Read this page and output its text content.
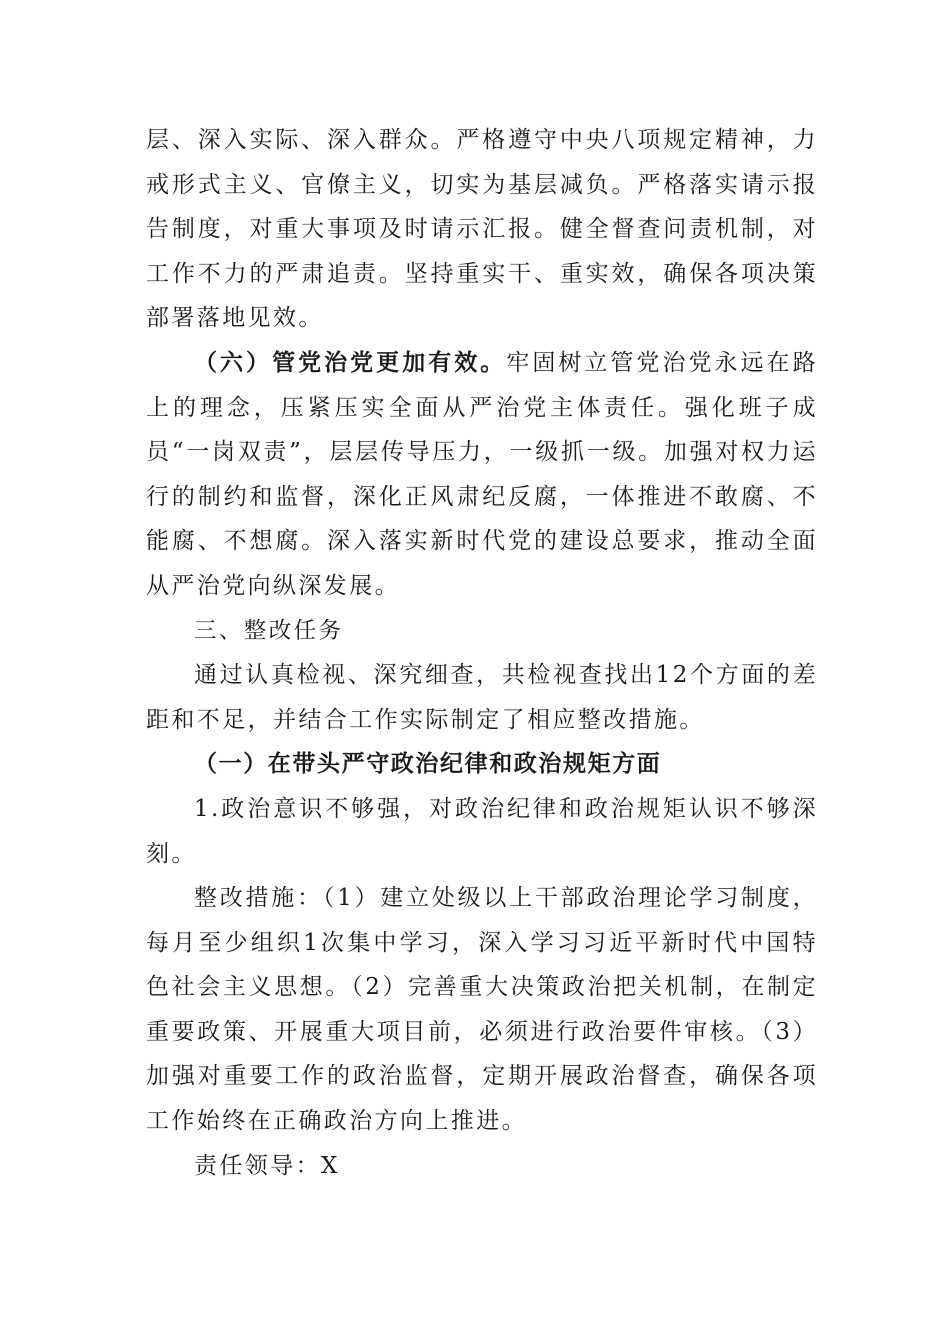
层、深入实际、深入群众。严格遵守中央八项规定精神，力戒形式主义、官僚主义，切实为基层减负。严格落实请示报告制度，对重大事项及时请示汇报。健全督查问责机制，对工作不力的严肃追责。坚持重实干、重实效，确保各项决策部署落地见效。

（六）管党治党更加有效。牢固树立管党治党永远在路上的理念，压紧压实全面从严治党主体责任。强化班子成员“一岗双责”，层层传导压力，一级抓一级。加强对权力运行的制约和监督，深化正风肃纪反腐，一体推进不敢腐、不能腐、不想腐。深入落实新时代党的建设总要求，推动全面从严治党向纵深发展。

三、整改任务

通过认真检视、深究细查，共检视查找出12个方面的差距和不足，并结合工作实际制定了相应整改措施。

（一）在带头严守政治纪律和政治规矩方面

1.政治意识不够强，对政治纪律和政治规矩认识不够深刻。

整改措施：（1）建立处级以上干部政治理论学习制度，每月至少组织1次集中学习，深入学习习近平新时代中国特色社会主义思想。（2）完善重大决策政治把关机制，在制定重要政策、开展重大项目前，必须进行政治要件审核。（3）加强对重要工作的政治监督，定期开展政治督查，确保各项工作始终在正确政治方向上推进。

责任领导：X
